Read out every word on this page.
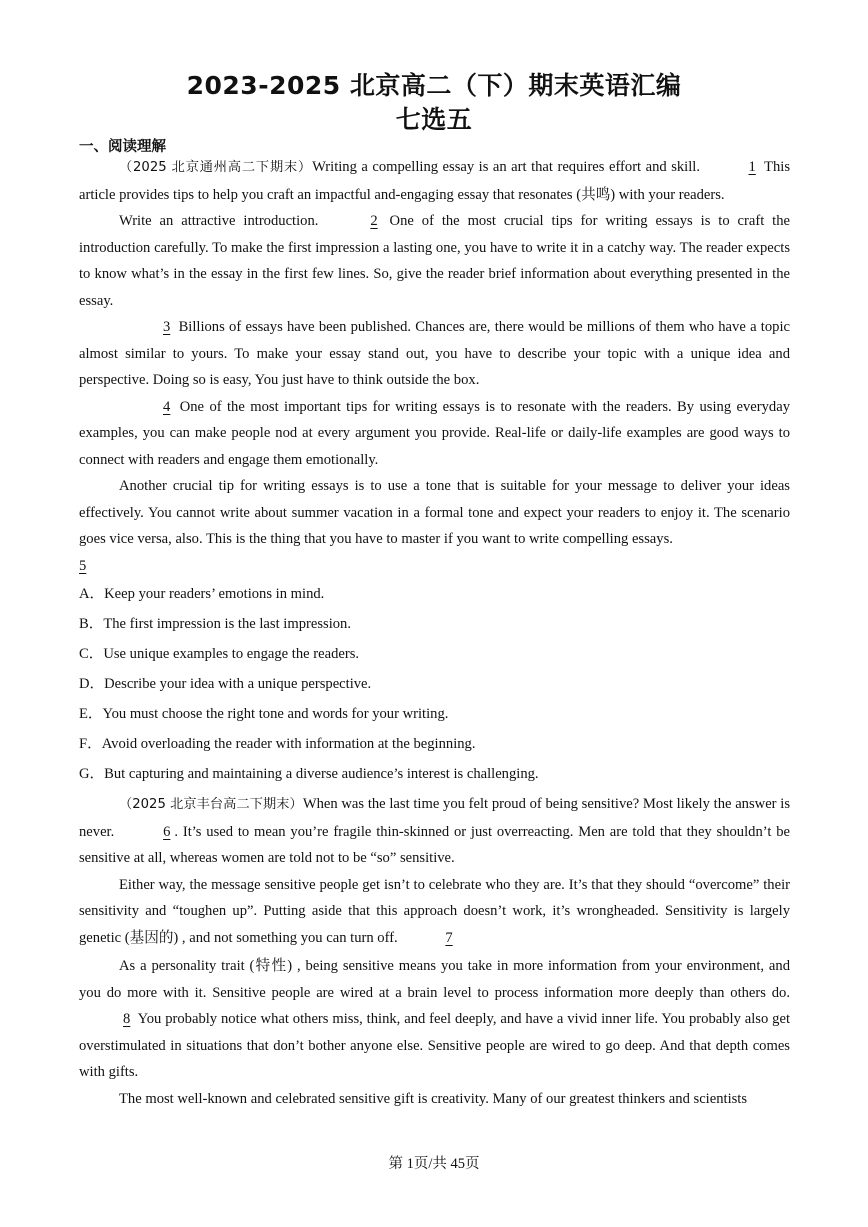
2023-2025 北京高二（下）期末英语汇编
七选五
一、阅读理解

（2025 北京通州高二下期末）Writing a compelling essay is an art that requires effort and skill.	1 This article provides tips to help you craft an impactful and-engaging essay that resonates (共鸣) with your readers.

Write an attractive introduction.	2 One of the most crucial tips for writing essays is to craft the introduction carefully. To make the first impression a lasting one, you have to write it in a catchy way. The reader expects to know what’s in the essay in the first few lines. So, give the reader brief information about everything presented in the essay.

3 Billions of essays have been published. Chances are, there would be millions of them who have a topic almost similar to yours. To make your essay stand out, you have to describe your topic with a unique idea and perspective. Doing so is easy, You just have to think outside the box.

4 One of the most important tips for writing essays is to resonate with the readers. By using everyday examples, you can make people nod at every argument you provide. Real-life or daily-life examples are good ways to connect with readers and engage them emotionally.

Another crucial tip for writing essays is to use a tone that is suitable for your message to deliver your ideas effectively. You cannot write about summer vacation in a formal tone and expect your readers to enjoy it. The scenario goes vice versa, also. This is the thing that you have to master if you want to write compelling essays.

5

A．Keep your readers’ emotions in mind.

B．The first impression is the last impression.

C．Use unique examples to engage the readers.

D．Describe your idea with a unique perspective.

E．You must choose the right tone and words for your writing.

F．Avoid overloading the reader with information at the beginning.

G．But capturing and maintaining a diverse audience’s interest is challenging.

（2025 北京丰台高二下期末）When was the last time you felt proud of being sensitive? Most likely the answer is never.	6 . It’s used to mean you’re fragile thin-skinned or just overreacting. Men are told that they shouldn’t be sensitive at all, whereas women are told not to be “so” sensitive.

Either way, the message sensitive people get isn’t to celebrate who they are. It’s that they should “overcome” their sensitivity and “toughen up”. Putting aside that this approach doesn’t work, it’s wrongheaded. Sensitivity is largely genetic (基因的) , and not something you can turn off.	7

As a personality trait (特性) , being sensitive means you take in more information from your environment, and you do more with it. Sensitive people are wired at a brain level to process information more deeply than others do. 8 You probably notice what others miss, think, and feel deeply, and have a vivid inner life. You probably also get overstimulated in situations that don’t bother anyone else. Sensitive people are wired to go deep. And that depth comes with gifts.

The most well-known and celebrated sensitive gift is creativity. Many of our greatest thinkers and scientists

第 1页/共 45页
